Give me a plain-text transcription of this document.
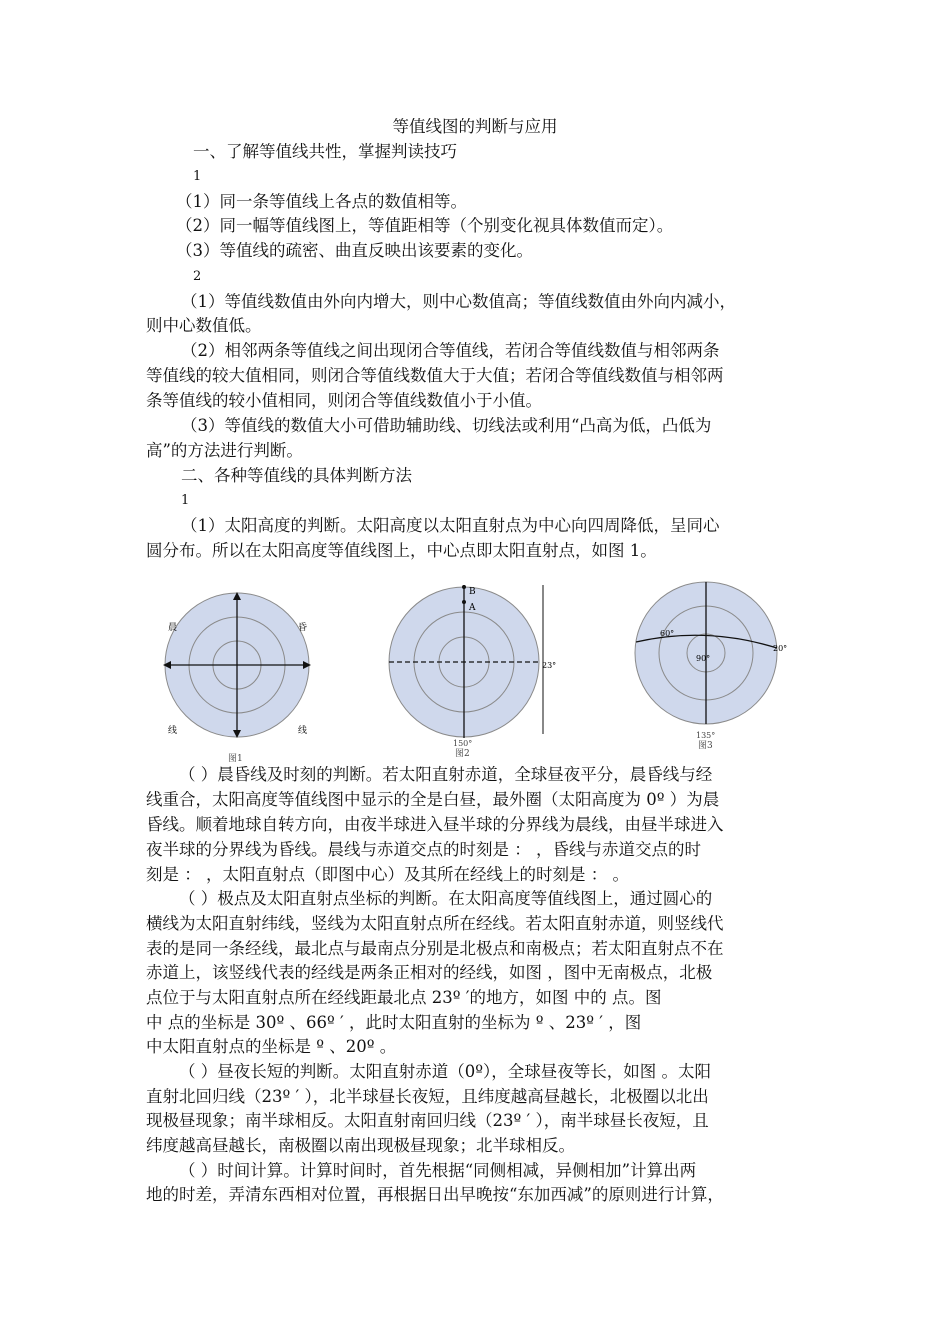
等值线图的判断与应用
一、了解等值线共性，掌握判读技巧
1
（1）同一条等值线上各点的数值相等。
（2）同一幅等值线图上，等值距相等（个别变化视具体数值而定）。
（3）等值线的疏密、曲直反映出该要素的变化。
2
（1）等值线数值由外向内增大，则中心数值高；等值线数值由外向内减小，
则中心数值低。
（2）相邻两条等值线之间出现闭合等值线，若闭合等值线数值与相邻两条
等值线的较大值相同，则闭合等值线数值大于大值；若闭合等值线数值与相邻两
条等值线的较小值相同，则闭合等值线数值小于小值。
（3）等值线的数值大小可借助辅助线、切线法或利用“凸高为低，凸低为
高”的方法进行判断。
二、各种等值线的具体判断方法
1
（1）太阳高度的判断。太阳高度以太阳直射点为中心向四周降低，呈同心
圆分布。所以在太阳高度等值线图上，中心点即太阳直射点，如图 1。
晨	昏
线	线
图1
B
A
23°
150°
图2
60°
90°
20°
135°
图3
（ ）晨昏线及时刻的判断。若太阳直射赤道，全球昼夜平分，晨昏线与经
线重合，太阳高度等值线图中显示的全是白昼，最外圈（太阳高度为 0º ）为晨
昏线。顺着地球自转方向，由夜半球进入昼半球的分界线为晨线，由昼半球进入
夜半球的分界线为昏线。晨线与赤道交点的时刻是 ： ，昏线与赤道交点的时
刻是 ： ，太阳直射点（即图中心）及其所在经线上的时刻是 ： 。
（ ）极点及太阳直射点坐标的判断。在太阳高度等值线图上，通过圆心的
横线为太阳直射纬线，竖线为太阳直射点所在经线。若太阳直射赤道，则竖线代
表的是同一条经线，最北点与最南点分别是北极点和南极点；若太阳直射点不在
赤道上，该竖线代表的经线是两条正相对的经线，如图 ，图中无南极点，北极
点位于与太阳直射点所在经线距最北点 23º ′的地方，如图 中的 点。图
中 点的坐标是 30º 、66º ′ ，此时太阳直射的坐标为 º 、23º ′ ，图
中太阳直射点的坐标是 º 、20º 。
（ ）昼夜长短的判断。太阳直射赤道（0º），全球昼夜等长，如图 。太阳
直射北回归线（23º ′ ），北半球昼长夜短，且纬度越高昼越长，北极圈以北出
现极昼现象；南半球相反。太阳直射南回归线（23º ′ ），南半球昼长夜短，且
纬度越高昼越长，南极圈以南出现极昼现象；北半球相反。
（ ）时间计算。计算时间时，首先根据“同侧相减，异侧相加”计算出两
地的时差，弄清东西相对位置，再根据日出早晚按“东加西减”的原则进行计算，
